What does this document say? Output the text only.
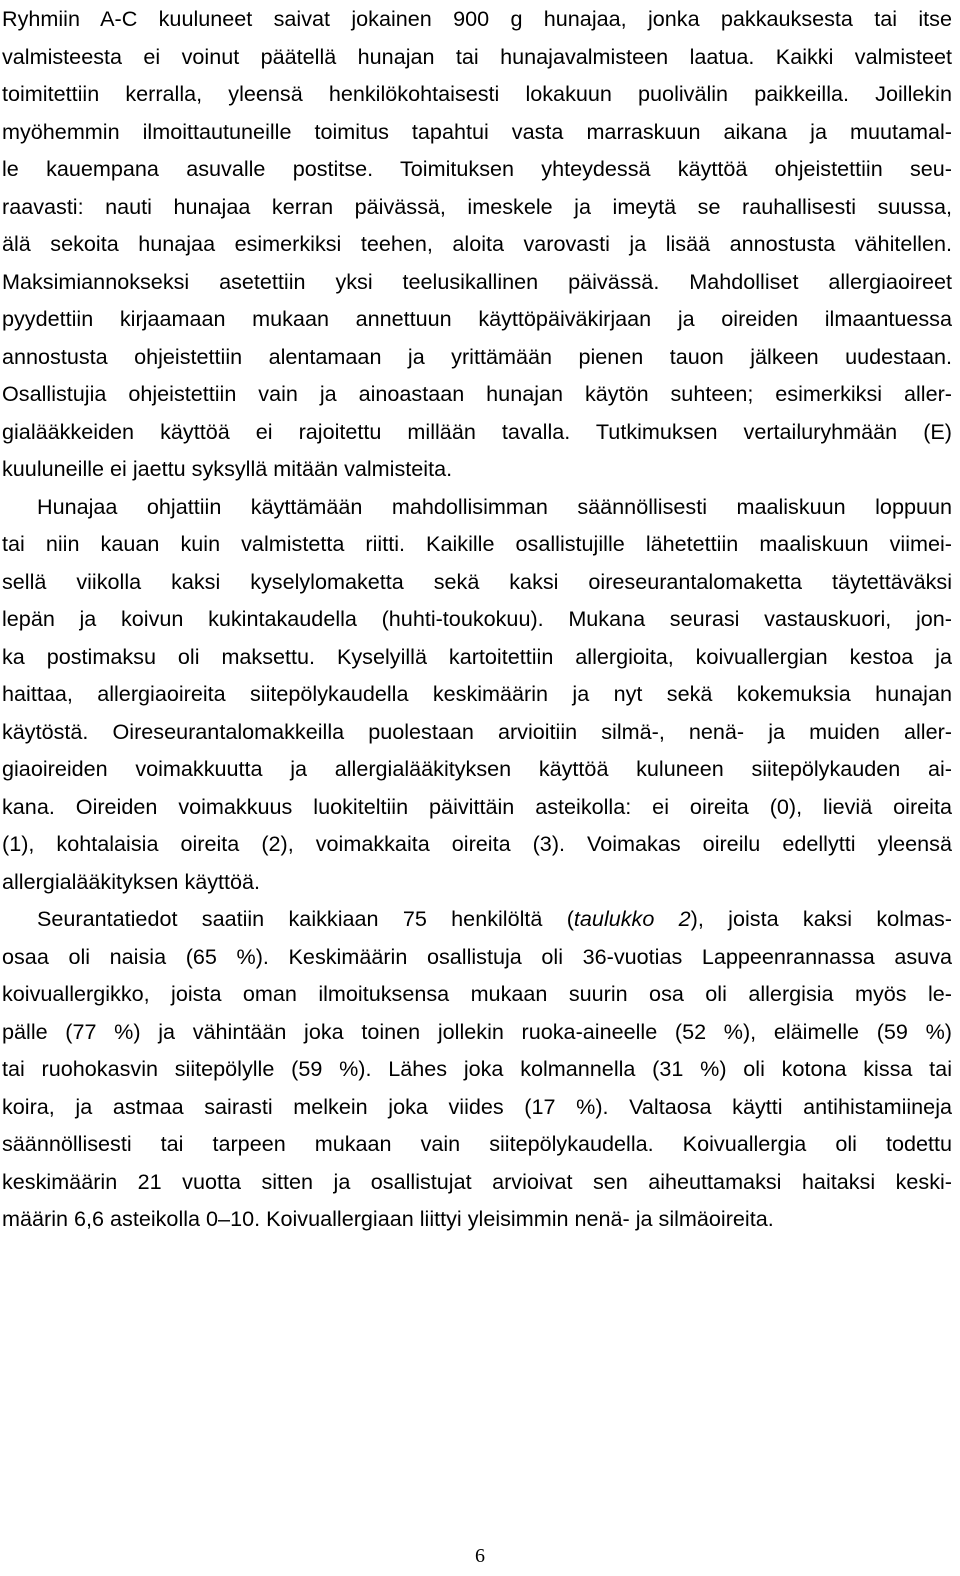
Ryhmiin A-C kuuluneet saivat jokainen 900 g hunajaa, jonka pakkauksesta tai itse
valmisteesta ei voinut päätellä hunajan tai hunajavalmisteen laatua. Kaikki valmisteet
toimitettiin kerralla, yleensä henkilökohtaisesti lokakuun puolivälin paikkeilla. Joillekin
myöhemmin ilmoittautuneille toimitus tapahtui vasta marraskuun aikana ja muutamal-
le kauempana asuvalle postitse. Toimituksen yhteydessä käyttöä ohjeistettiin seu-
raavasti: nauti hunajaa kerran päivässä, imeskele ja imeytä se rauhallisesti suussa,
älä sekoita hunajaa esimerkiksi teehen, aloita varovasti ja lisää annostusta vähitellen.
Maksimiannokseksi asetettiin yksi teelusikallinen päivässä. Mahdolliset allergiaoireet
pyydettiin kirjaamaan mukaan annettuun käyttöpäiväkirjaan ja oireiden ilmaantuessa
annostusta ohjeistettiin alentamaan ja yrittämään pienen tauon jälkeen uudestaan.
Osallistujia ohjeistettiin vain ja ainoastaan hunajan käytön suhteen; esimerkiksi aller-
gialääkkeiden käyttöä ei rajoitettu millään tavalla. Tutkimuksen vertailuryhmään (E)
kuuluneille ei jaettu syksyllä mitään valmisteita.
Hunajaa ohjattiin käyttämään mahdollisimman säännöllisesti maaliskuun loppuun
tai niin kauan kuin valmistetta riitti. Kaikille osallistujille lähetettiin maaliskuun viimei-
sellä viikolla kaksi kyselylomaketta sekä kaksi oireseurantalomaketta täytettäväksi
lepän ja koivun kukintakaudella (huhti-toukokuu). Mukana seurasi vastauskuori, jon-
ka postimaksu oli maksettu. Kyselyillä kartoitettiin allergioita, koivuallergian kestoa ja
haittaa, allergiaoireita siitepölykaudella keskimäärin ja nyt sekä kokemuksia hunajan
käytöstä. Oireseurantalomakkeilla puolestaan arvioitiin silmä-, nenä- ja muiden aller-
giaoireiden voimakkuutta ja allergialääkityksen käyttöä kuluneen siitepölykauden ai-
kana. Oireiden voimakkuus luokiteltiin päivittäin asteikolla: ei oireita (0), lieviä oireita
(1), kohtalaisia oireita (2), voimakkaita oireita (3). Voimakas oireilu edellytti yleensä
allergialääkityksen käyttöä.
Seurantatiedot saatiin kaikkiaan 75 henkilöltä (taulukko 2), joista kaksi kolmas-
osaa oli naisia (65 %). Keskimäärin osallistuja oli 36-vuotias Lappeenrannassa asuva
koivuallergikko, joista oman ilmoituksensa mukaan suurin osa oli allergisia myös le-
pälle (77 %) ja vähintään joka toinen jollekin ruoka-aineelle (52 %), eläimelle (59 %)
tai ruohokasvin siitepölylle (59 %). Lähes joka kolmannella (31 %) oli kotona kissa tai
koira, ja astmaa sairasti melkein joka viides (17 %). Valtaosa käytti antihistamiineja
säännöllisesti tai tarpeen mukaan vain siitepölykaudella. Koivuallergia oli todettu
keskimäärin 21 vuotta sitten ja osallistujat arvioivat sen aiheuttamaksi haitaksi keski-
määrin 6,6 asteikolla 0–10. Koivuallergiaan liittyi yleisimmin nenä- ja silmäoireita.
6
